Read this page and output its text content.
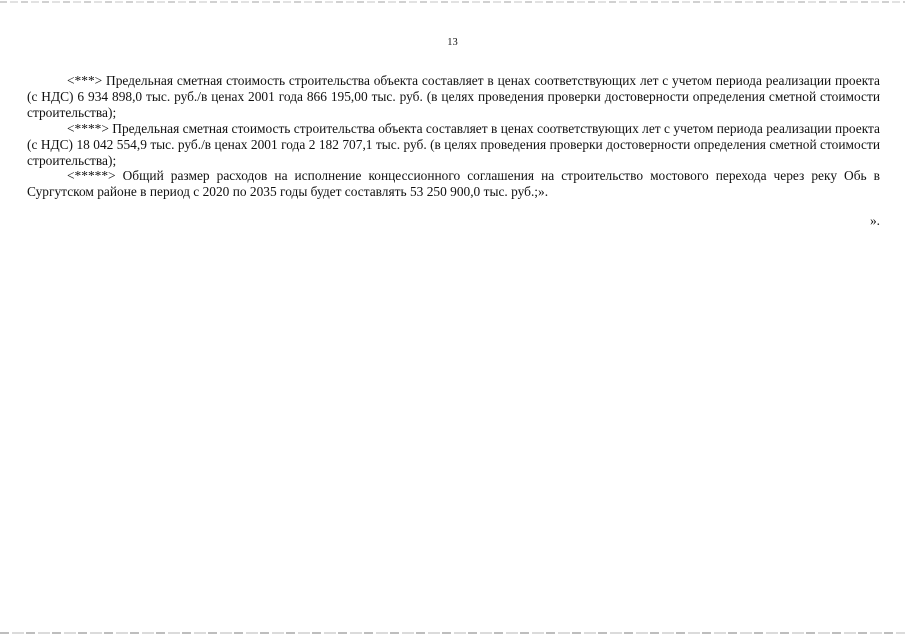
13

<***> Предельная сметная стоимость строительства объекта составляет в ценах соответствующих лет с учетом периода реализации проекта (с НДС) 6 934 898,0 тыс. руб./в ценах 2001 года 866 195,00 тыс. руб. (в целях проведения проверки достоверности определения сметной стоимости строительства);

<****> Предельная сметная стоимость строительства объекта составляет в ценах соответствующих лет с учетом периода реализации проекта (с НДС) 18 042 554,9 тыс. руб./в ценах 2001 года 2 182 707,1 тыс. руб. (в целях проведения проверки достоверности определения сметной стоимости строительства);

<*****> Общий размер расходов на исполнение концессионного соглашения на строительство мостового перехода через реку Обь в Сургутском районе в период с 2020 по 2035 годы будет составлять 53 250 900,0 тыс. руб.;».

».
